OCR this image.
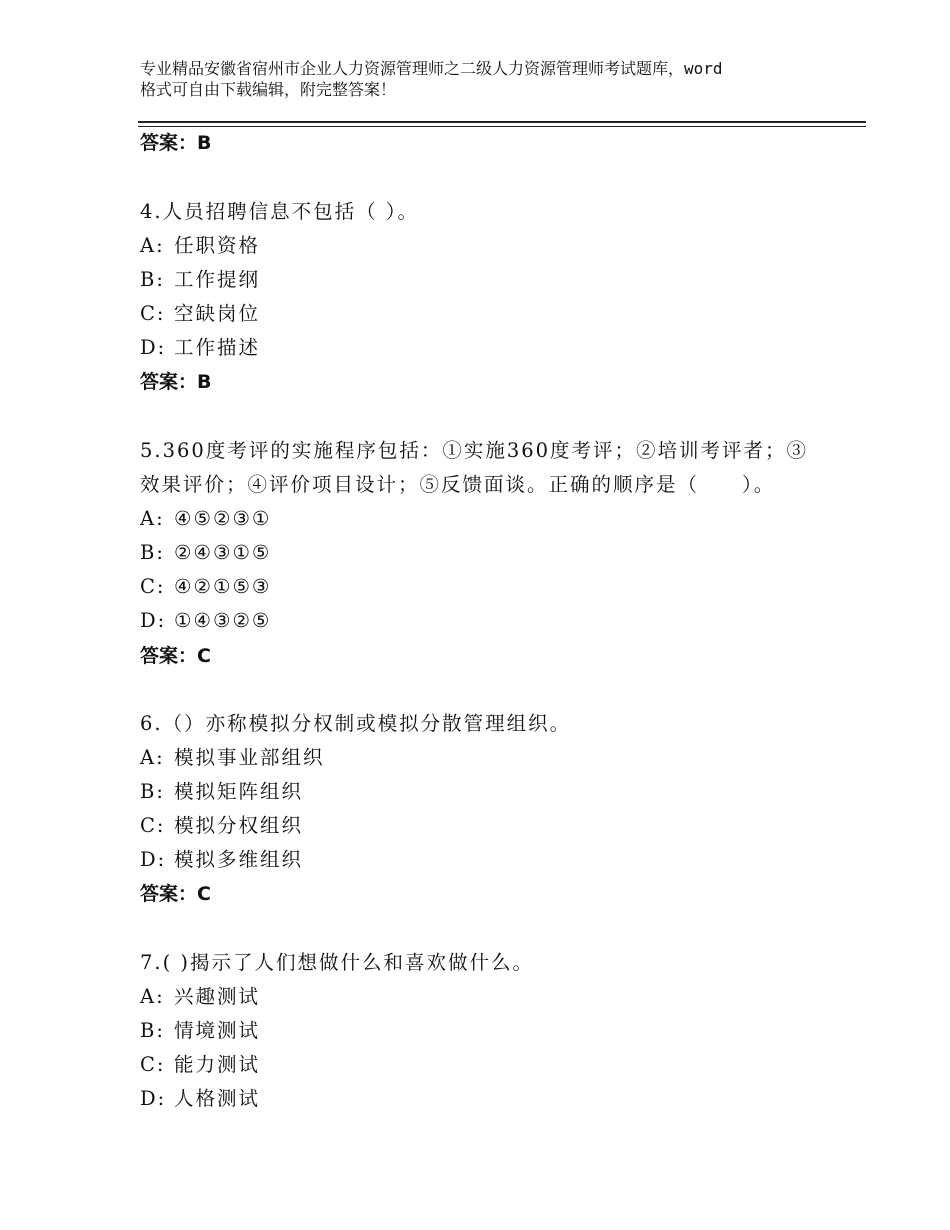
专业精品安徽省宿州市企业人力资源管理师之二级人力资源管理师考试题库，word
格式可自由下载编辑，附完整答案！
答案：B
4.人员招聘信息不包括（ ）。
A: 任职资格
B: 工作提纲
C: 空缺岗位
D: 工作描述
答案：B
5.360度考评的实施程序包括：①实施360度考评；②培训考评者；③
效果评价；④评价项目设计；⑤反馈面谈。正确的顺序是（　　）。
A: ④⑤②③①
B: ②④③①⑤
C: ④②①⑤③
D: ①④③②⑤
答案：C
6.（）亦称模拟分权制或模拟分散管理组织。
A: 模拟事业部组织
B: 模拟矩阵组织
C: 模拟分权组织
D: 模拟多维组织
答案：C
7.( )揭示了人们想做什么和喜欢做什么。
A: 兴趣测试
B: 情境测试
C: 能力测试
D: 人格测试
